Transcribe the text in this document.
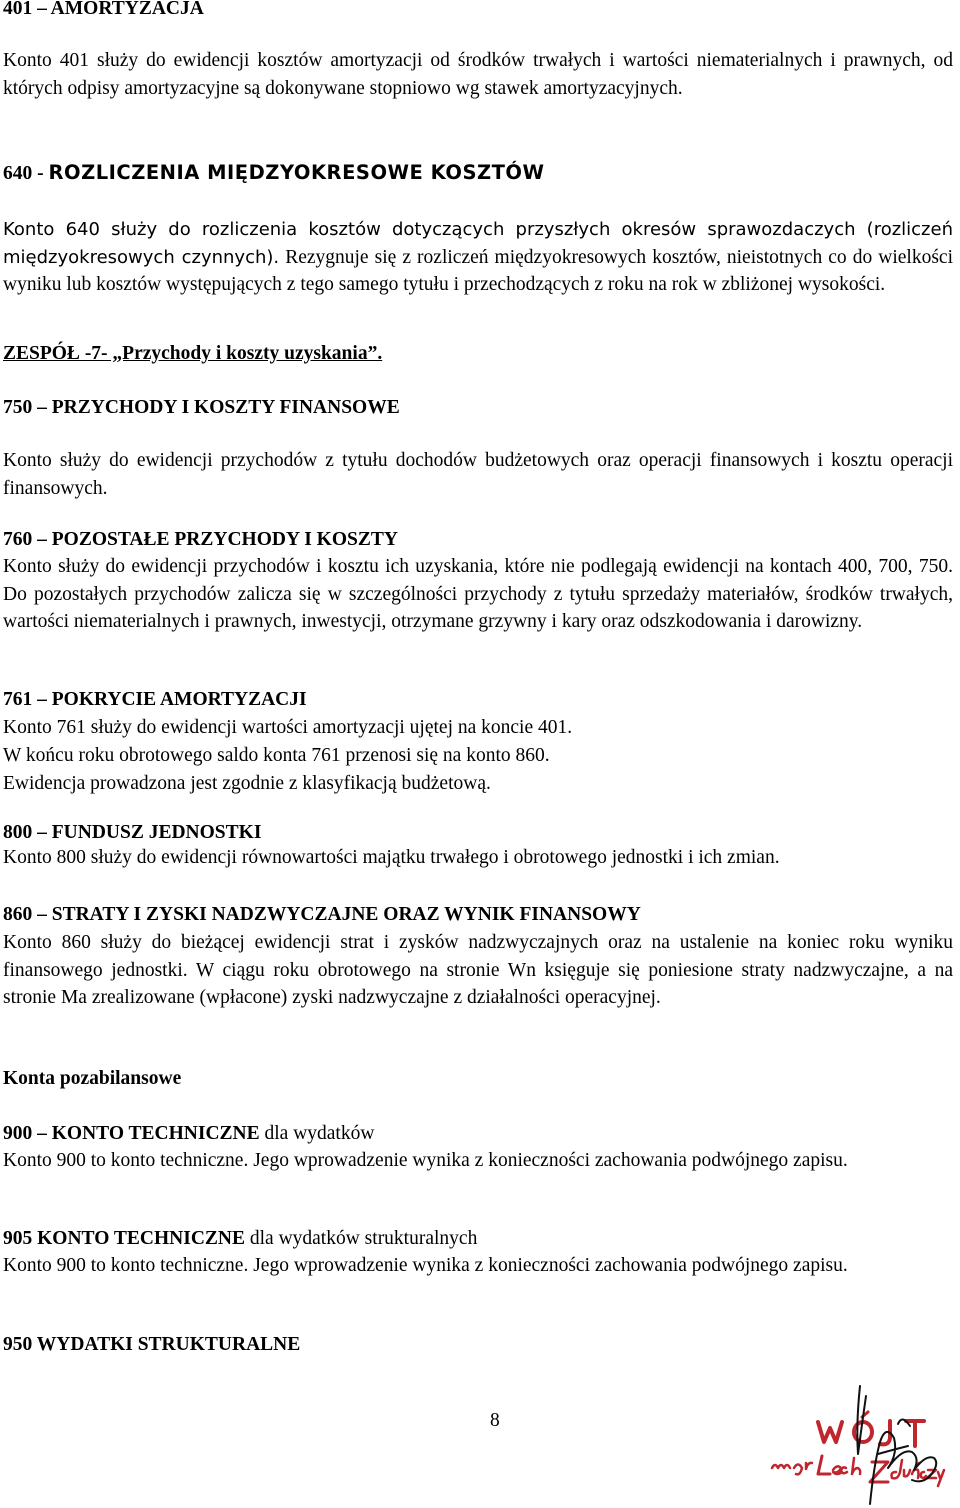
401 – AMORTYZACJA

Konto 401 służy do ewidencji kosztów amortyzacji od środków trwałych i wartości niematerialnych i prawnych, od których odpisy amortyzacyjne są dokonywane stopniowo wg stawek amortyzacyjnych.

640 - ROZLICZENIA MIĘDZYOKRESOWE KOSZTÓW

Konto 640 służy do rozliczenia kosztów dotyczących przyszłych okresów sprawozdaczych (rozliczeń międzyokresowych czynnych). Rezygnuje się z rozliczeń międzyokresowych kosztów, nieistotnych co do wielkości wyniku lub kosztów występujących z tego samego tytułu i przechodzących z roku na rok w zbliżonej wysokości.

ZESPÓŁ -7- „Przychody i koszty uzyskania”.
750 – PRZYCHODY I KOSZTY FINANSOWE

Konto służy do ewidencji przychodów z tytułu dochodów budżetowych oraz operacji finansowych i kosztu operacji finansowych.

760 – POZOSTAŁE PRZYCHODY I KOSZTY

Konto służy do ewidencji przychodów i kosztu ich uzyskania, które nie podlegają ewidencji na kontach 400, 700, 750. Do pozostałych przychodów zalicza się w szczególności przychody z tytułu sprzedaży materiałów, środków trwałych, wartości niematerialnych i prawnych, inwestycji, otrzymane grzywny i kary oraz odszkodowania i darowizny.

761 – POKRYCIE AMORTYZACJI
Konto 761 służy do ewidencji wartości amortyzacji ujętej na koncie 401.
W końcu roku obrotowego saldo konta 761 przenosi się na konto 860.
Ewidencja prowadzona jest zgodnie z klasyfikacją budżetową.
800 – FUNDUSZ JEDNOSTKI

Konto 800 służy do ewidencji równowartości majątku trwałego i obrotowego jednostki i ich zmian.

860 – STRATY I ZYSKI NADZWYCZAJNE ORAZ WYNIK FINANSOWY

Konto 860 służy do bieżącej ewidencji strat i zysków nadzwyczajnych oraz na ustalenie na koniec roku wyniku finansowego jednostki. W ciągu roku obrotowego na stronie Wn księguje się poniesione straty nadzwyczajne, a na stronie Ma zrealizowane (wpłacone) zyski nadzwyczajne z działalności operacyjnej.

Konta pozabilansowe
900 – KONTO TECHNICZNE dla wydatków

Konto 900 to konto techniczne. Jego wprowadzenie wynika z konieczności zachowania podwójnego zapisu.

905 KONTO TECHNICZNE dla wydatków strukturalnych

Konto 900 to konto techniczne. Jego wprowadzenie wynika z konieczności zachowania podwójnego zapisu.

950 WYDATKI STRUKTURALNE
8
